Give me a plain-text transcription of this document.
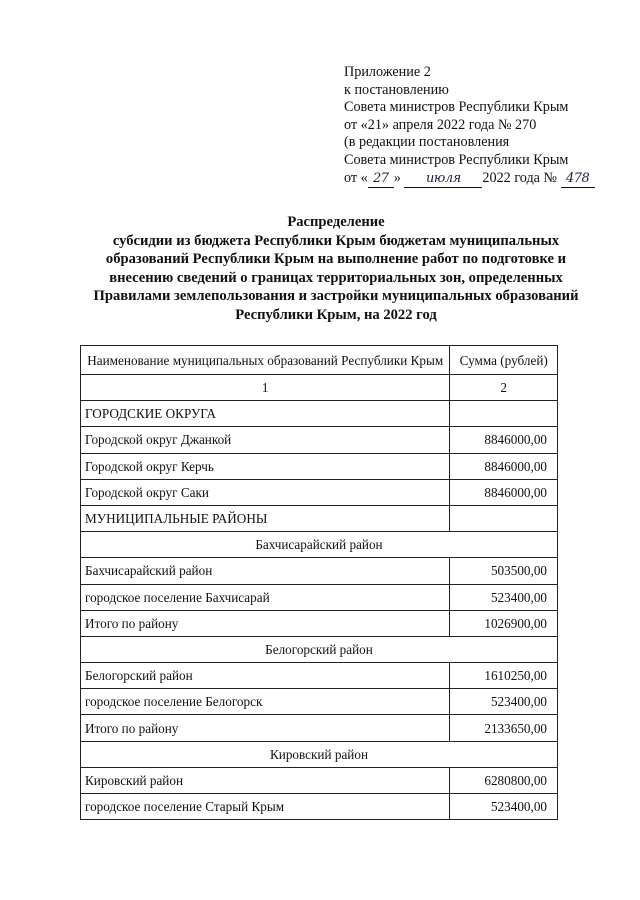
Приложение 2
к постановлению
Совета министров Республики Крым
от «21» апреля 2022 года № 270
(в редакции постановления
Совета министров Республики Крым
от « 27 » июля 2022 года № 478
Распределение
субсидии из бюджета Республики Крым бюджетам муниципальных
образований Республики Крым на выполнение работ по подготовке и
внесению сведений о границах территориальных зон, определенных
Правилами землепользования и застройки муниципальных образований
Республики Крым, на 2022 год
Наименование муниципальных образований Республики Крым	Сумма (рублей)
1	2
ГОРОДСКИЕ ОКРУГА	
Городской округ Джанкой	8846000,00
Городской округ Керчь	8846000,00
Городской округ Саки	8846000,00
МУНИЦИПАЛЬНЫЕ РАЙОНЫ	
Бахчисарайский район	
Бахчисарайский район	503500,00
городское поселение Бахчисарай	523400,00
Итого по району	1026900,00
Белогорский район	
Белогорский район	1610250,00
городское поселение Белогорск	523400,00
Итого по району	2133650,00
Кировский район	
Кировский район	6280800,00
городское поселение Старый Крым	523400,00
